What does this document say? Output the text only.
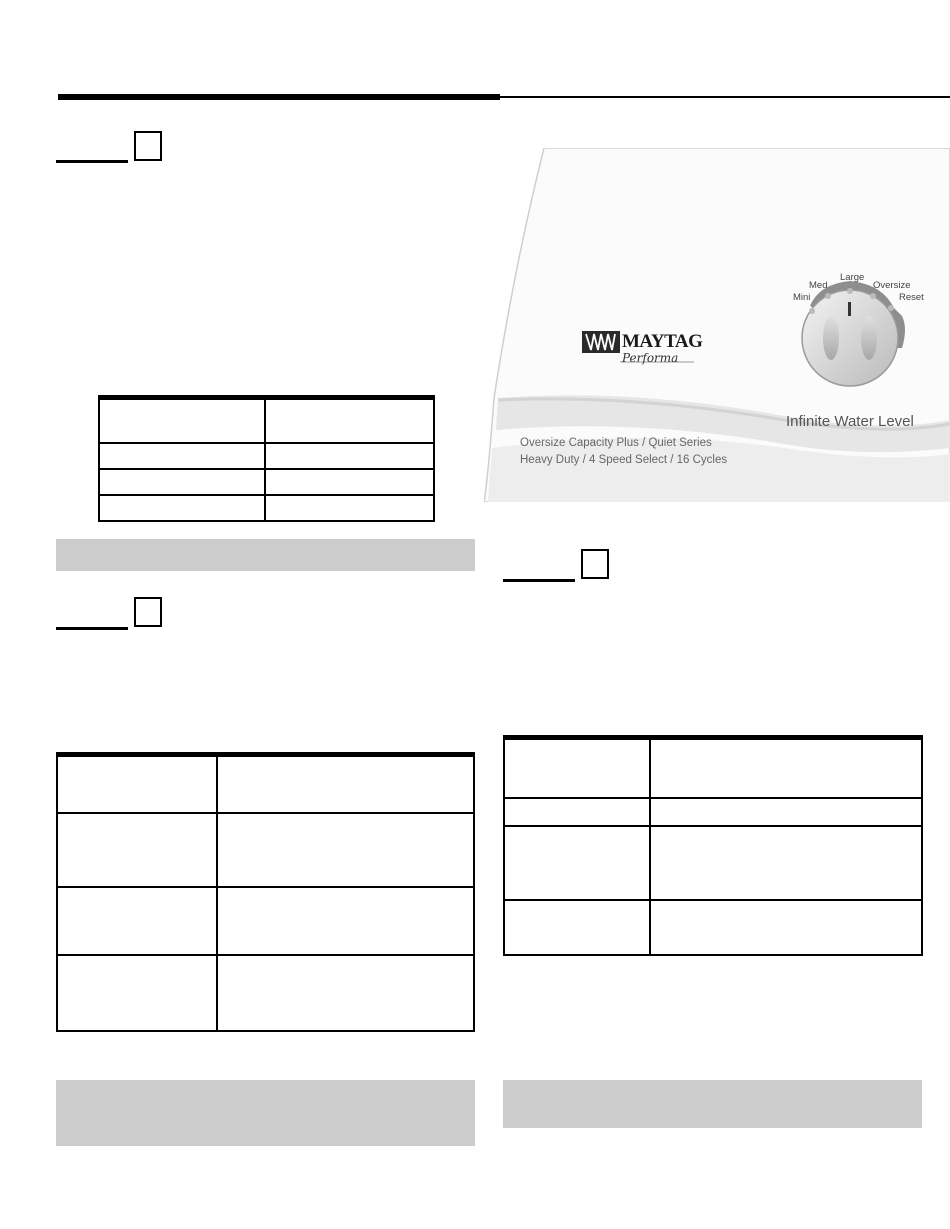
MAYTAG
Performa
Mini
Med
Large
Oversize
Reset
Infinite Water Level
Oversize Capacity Plus / Quiet Series
Heavy Duty / 4 Speed Select / 16 Cycles
